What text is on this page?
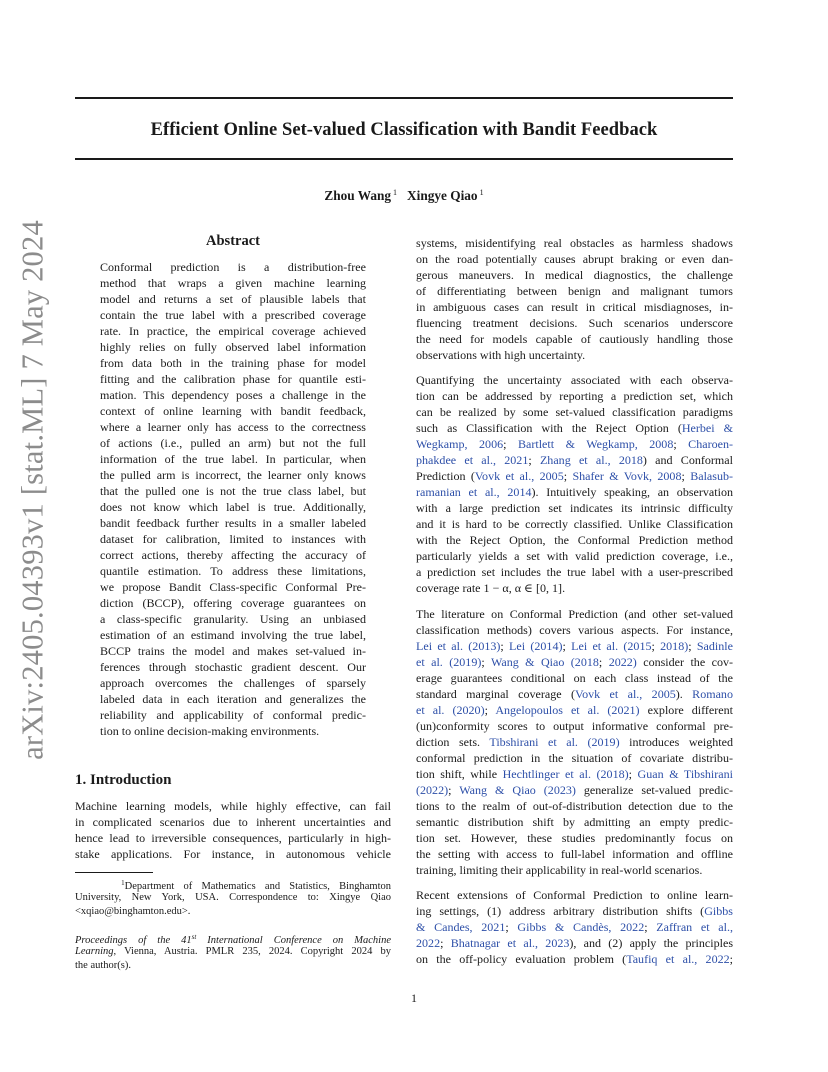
Efficient Online Set-valued Classification with Bandit Feedback
Zhou Wang $^1$ Xingye Qiao $^1$
arXiv:2405.04393v1 [stat.ML] 7 May 2024	Abstract
Conformal prediction is a distribution-free
method that wraps a given machine learning
model and returns a set of plausible labels that
contain the true label with a prescribed coverage
rate. In practice, the empirical coverage achieved
highly relies on fully observed label information
from data both in the training phase for model
fitting and the calibration phase for quantile esti-
mation. This dependency poses a challenge in the
context of online learning with bandit feedback,
where a learner only has access to the correctness
of actions (i.e., pulled an arm) but not the full
information of the true label. In particular, when
the pulled arm is incorrect, the learner only knows
that the pulled one is not the true class label, but
does not know which label is true. Additionally,
bandit feedback further results in a smaller labeled
dataset for calibration, limited to instances with
correct actions, thereby affecting the accuracy of
quantile estimation. To address these limitations,
we propose Bandit Class-specific Conformal Pre-
diction (BCCP), offering coverage guarantees on
a class-specific granularity. Using an unbiased
estimation of an estimand involving the true label,
BCCP trains the model and makes set-valued in-
ferences through stochastic gradient descent. Our
approach overcomes the challenges of sparsely
labeled data in each iteration and generalizes the
reliability and applicability of conformal predic-
tion to online decision-making environments.
1. Introduction
Machine learning models, while highly effective, can fail
in complicated scenarios due to inherent uncertainties and
hence lead to irreversible consequences, particularly in high-
stake applications. For instance, in autonomous vehicle
$^1$Department of Mathematics and Statistics, Binghamton
University, New York, USA. Correspondence to: Xingye Qiao
<xqiao@binghamton.edu>.
Proceedings of the 41st International Conference on Machine
Learning, Vienna, Austria. PMLR 235, 2024. Copyright 2024 by
the author(s).
systems, misidentifying real obstacles as harmless shadows
on the road potentially causes abrupt braking or even dan-
gerous maneuvers. In medical diagnostics, the challenge
of differentiating between benign and malignant tumors
in ambiguous cases can result in critical misdiagnoses, in-
fluencing treatment decisions. Such scenarios underscore
the need for models capable of cautiously handling those
observations with high uncertainty.
Quantifying the uncertainty associated with each observa-
tion can be addressed by reporting a prediction set, which
can be realized by some set-valued classification paradigms
such as Classification with the Reject Option (Herbei &
Wegkamp, 2006; Bartlett & Wegkamp, 2008; Charoen-
phakdee et al., 2021; Zhang et al., 2018) and Conformal
Prediction (Vovk et al., 2005; Shafer & Vovk, 2008; Balasub-
ramanian et al., 2014). Intuitively speaking, an observation
with a large prediction set indicates its intrinsic difficulty
and it is hard to be correctly classified. Unlike Classification
with the Reject Option, the Conformal Prediction method
particularly yields a set with valid prediction coverage, i.e.,
a prediction set includes the true label with a user-prescribed
coverage rate 1 − α, α ∈ [0, 1].
The literature on Conformal Prediction (and other set-valued
classification methods) covers various aspects. For instance,
Lei et al. (2013); Lei (2014); Lei et al. (2015; 2018); Sadinle
et al. (2019); Wang & Qiao (2018; 2022) consider the cov-
erage guarantees conditional on each class instead of the
standard marginal coverage (Vovk et al., 2005). Romano
et al. (2020); Angelopoulos et al. (2021) explore different
(un)conformity scores to output informative conformal pre-
diction sets. Tibshirani et al. (2019) introduces weighted
conformal prediction in the situation of covariate distribu-
tion shift, while Hechtlinger et al. (2018); Guan & Tibshirani
(2022); Wang & Qiao (2023) generalize set-valued predic-
tions to the realm of out-of-distribution detection due to the
semantic distribution shift by admitting an empty predic-
tion set. However, these studies predominantly focus on
the setting with access to full-label information and offline
training, limiting their applicability in real-world scenarios.
Recent extensions of Conformal Prediction to online learn-
ing settings, (1) address arbitrary distribution shifts (Gibbs
& Candes, 2021; Gibbs & Candès, 2022; Zaffran et al.,
2022; Bhatnagar et al., 2023), and (2) apply the principles
on the off-policy evaluation problem (Taufiq et al., 2022;
1
